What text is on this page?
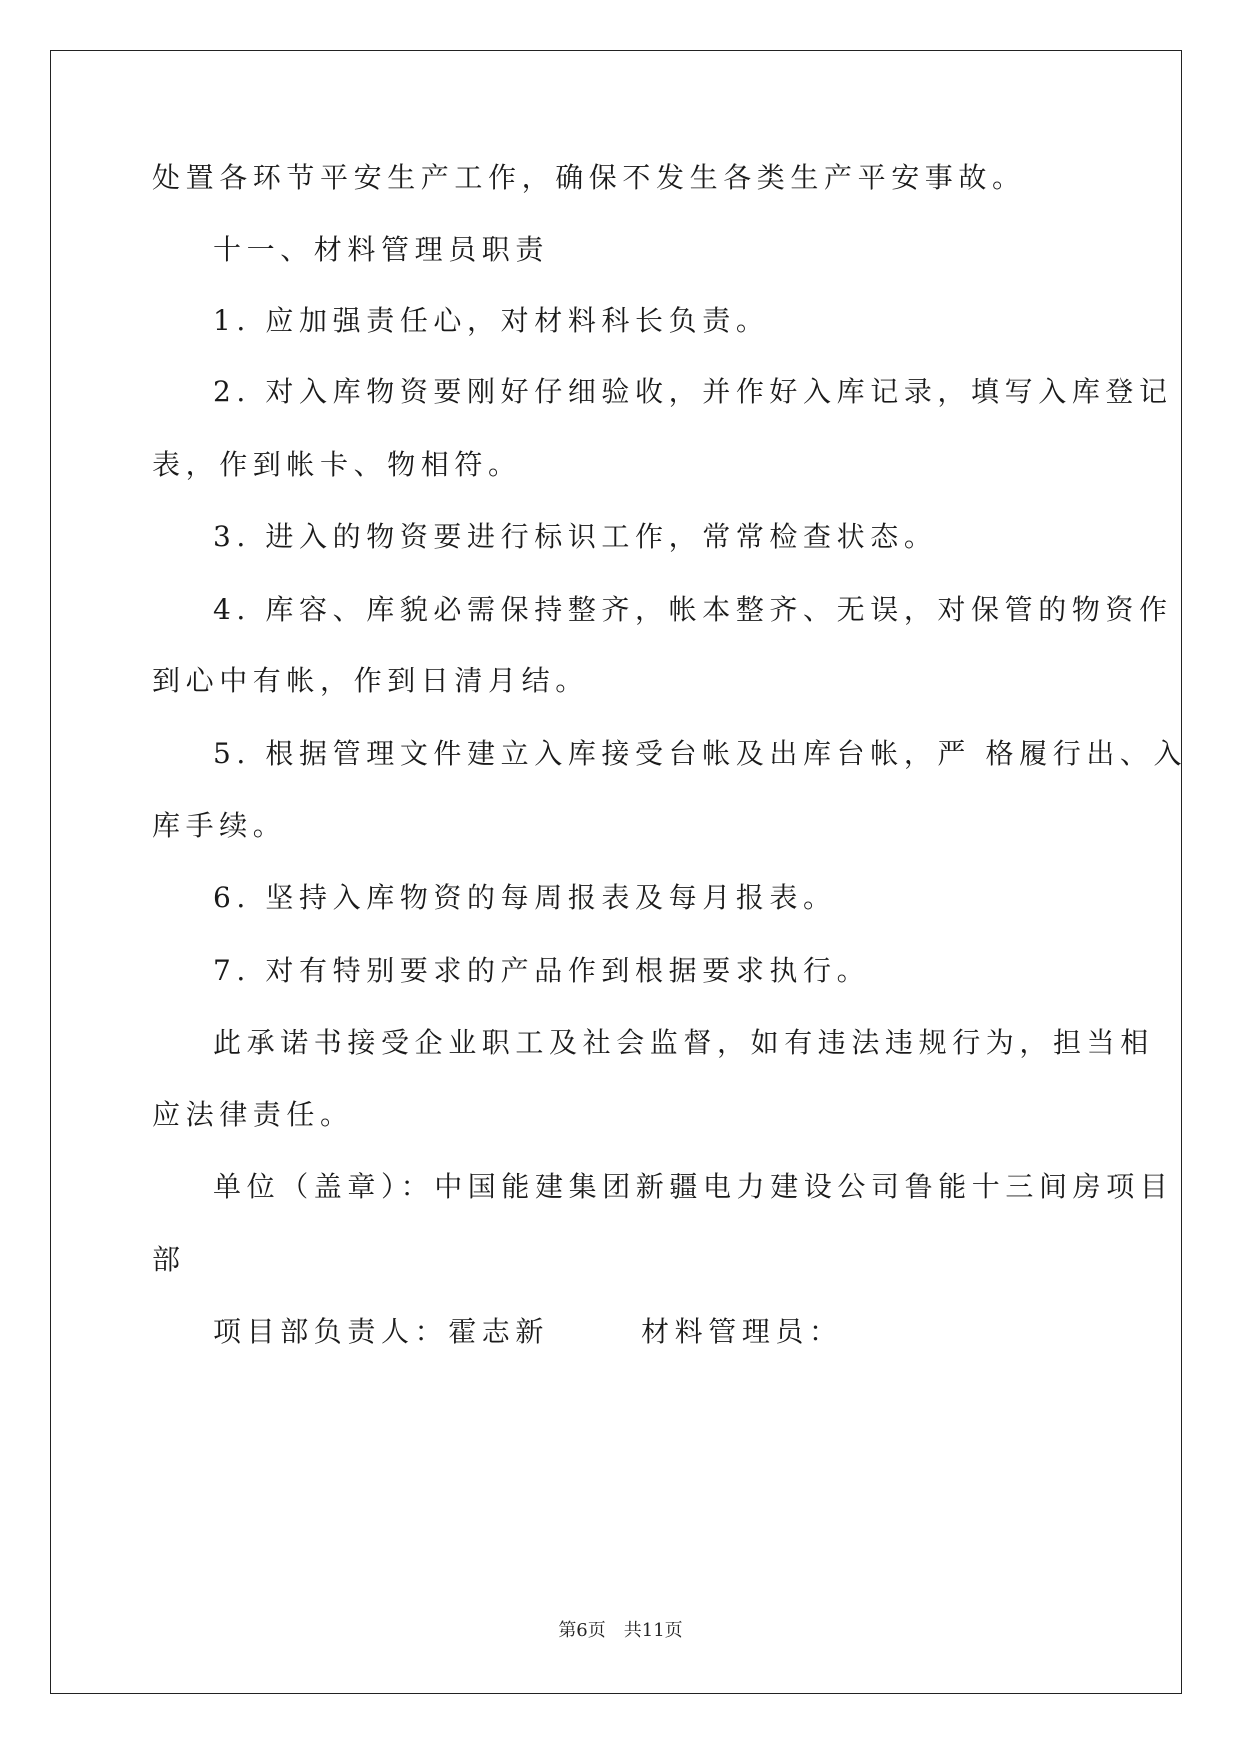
处置各环节平安生产工作，确保不发生各类生产平安事故。
十一、材料管理员职责
1. 应加强责任心，对材料科长负责。
2. 对入库物资要刚好仔细验收，并作好入库记录，填写入库登记
表，作到帐卡、物相符。
3. 进入的物资要进行标识工作，常常检查状态。
4. 库容、库貌必需保持整齐，帐本整齐、无误，对保管的物资作
到心中有帐，作到日清月结。
5. 根据管理文件建立入库接受台帐及出库台帐，严 格履行出、入
库手续。
6. 坚持入库物资的每周报表及每月报表。
7. 对有特别要求的产品作到根据要求执行。
此承诺书接受企业职工及社会监督，如有违法违规行为，担当相
应法律责任。
单位（盖章）：中国能建集团新疆电力建设公司鲁能十三间房项目
部
项目部负责人：霍志新	材料管理员：
第6页 共11页
